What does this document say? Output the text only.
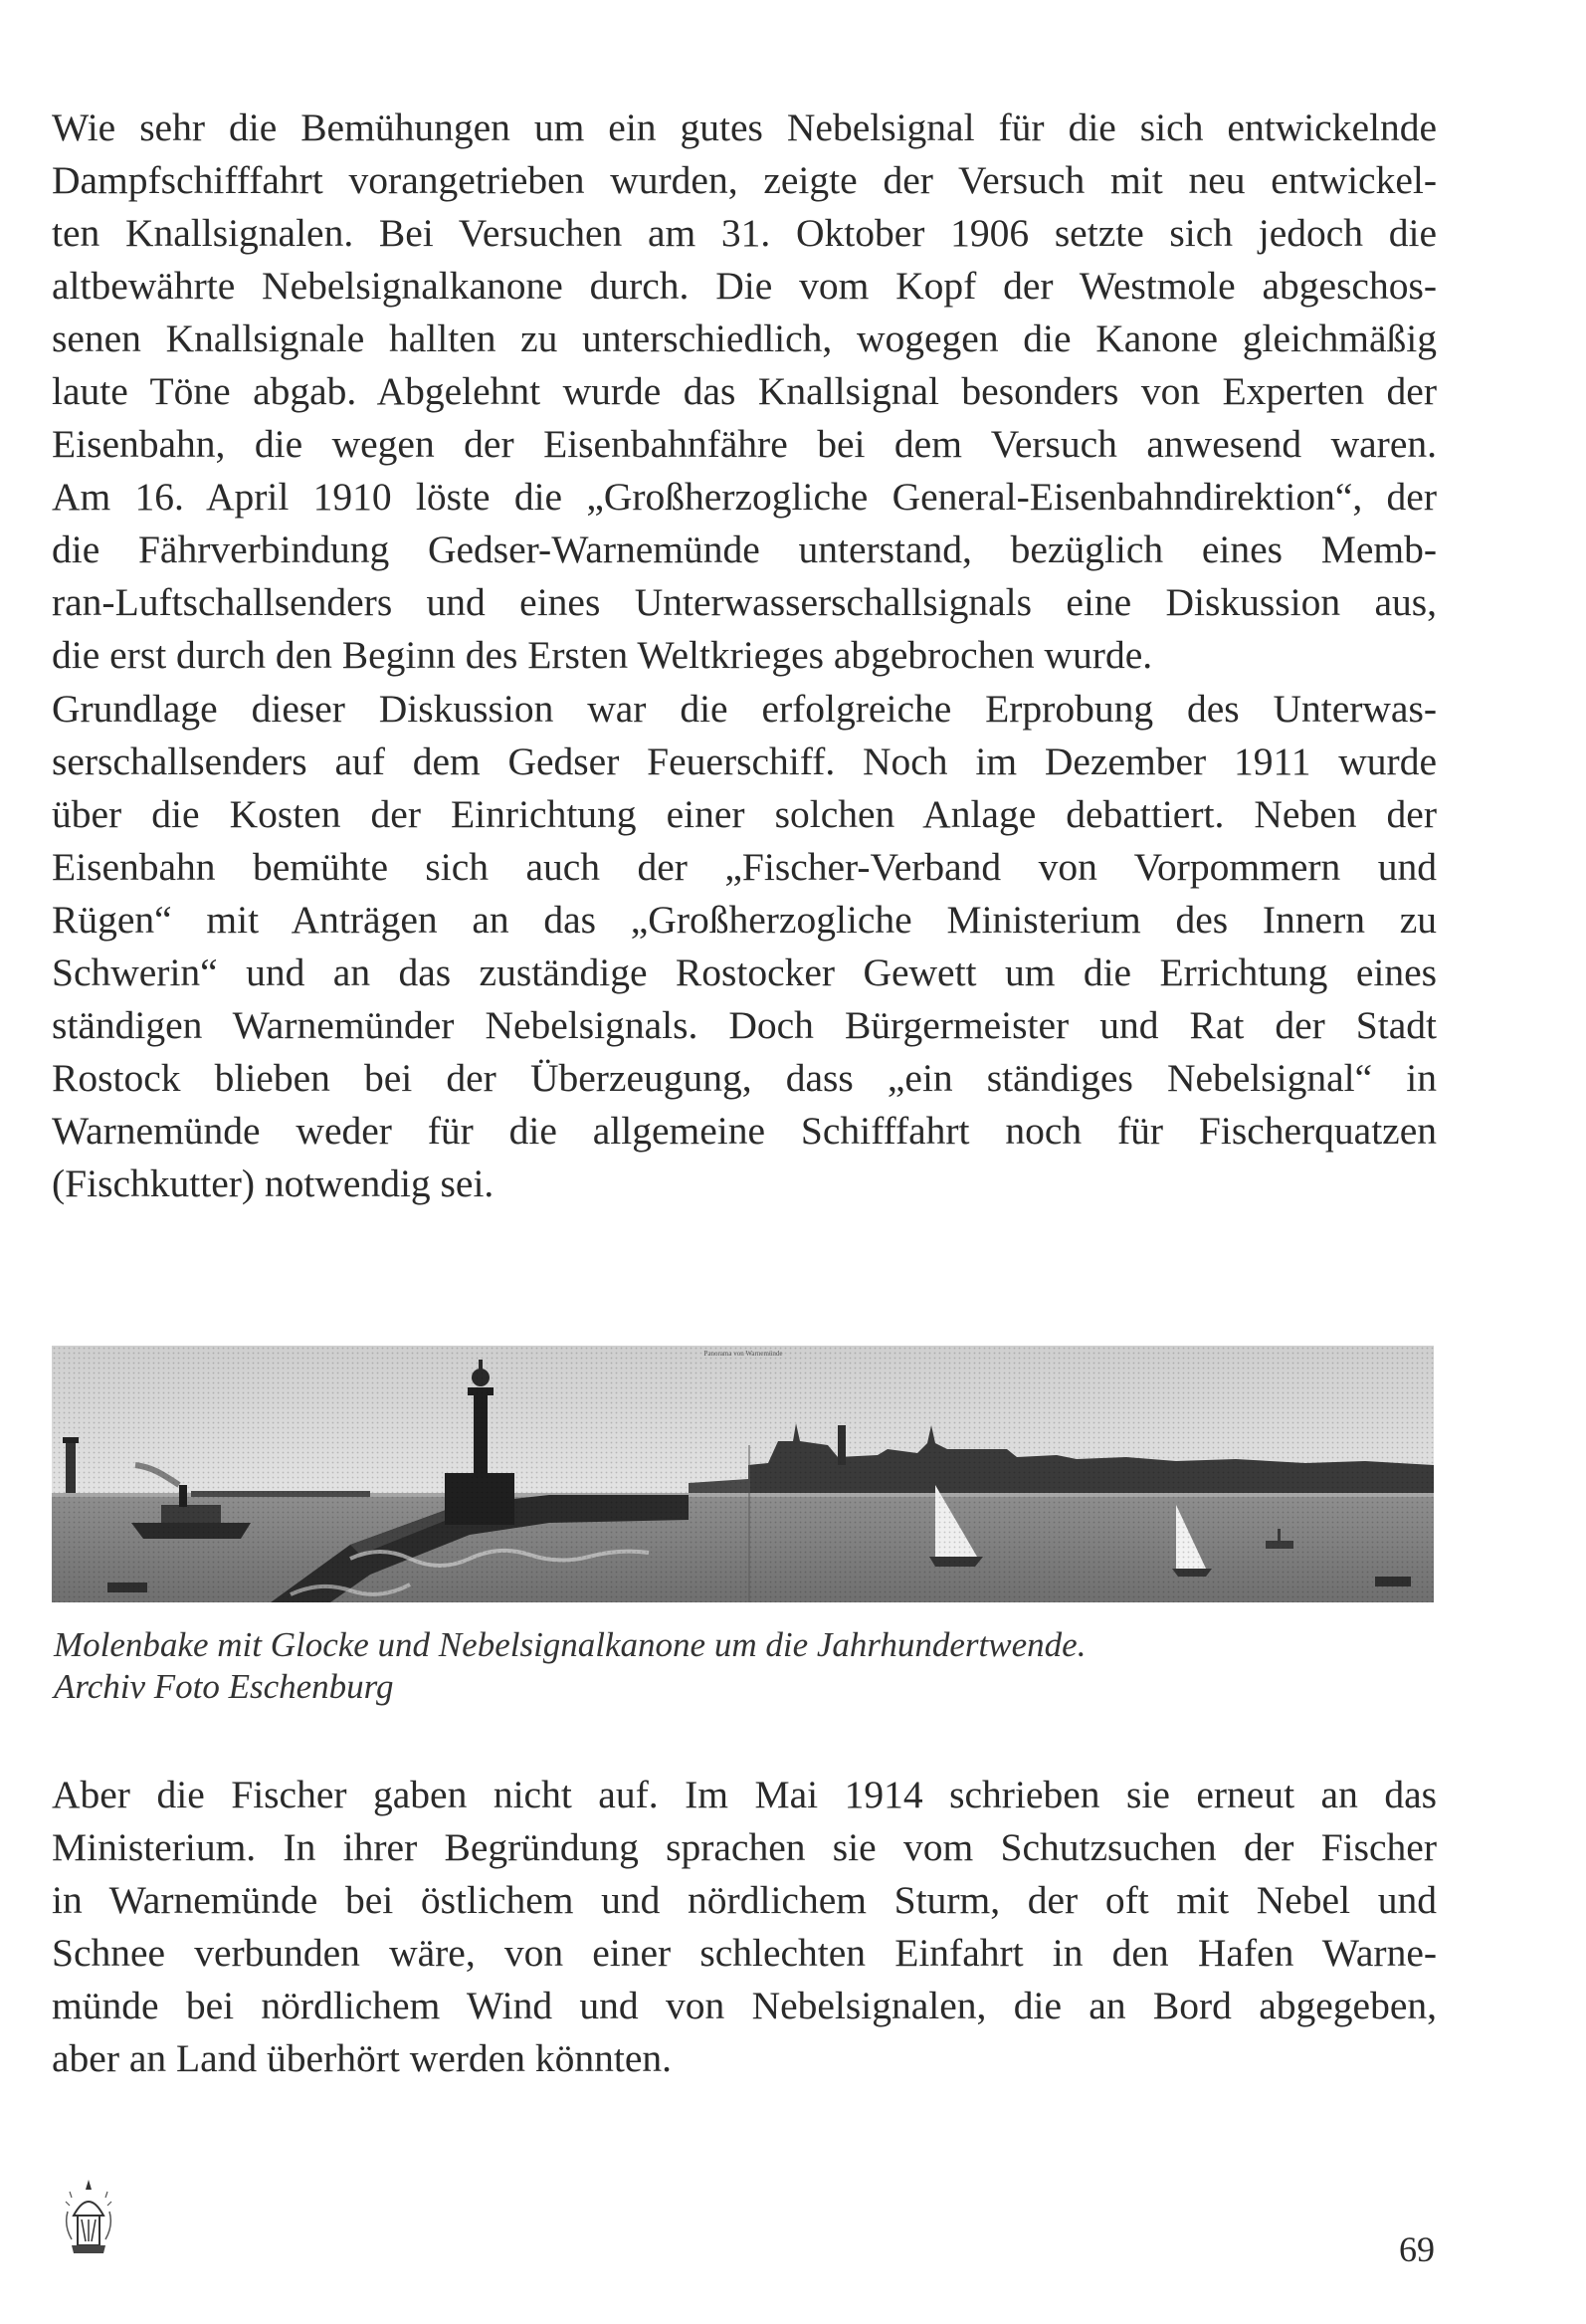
Wie sehr die Bemühungen um ein gutes Nebelsignal für die sich entwickelnde
Dampfschifffahrt vorangetrieben wurden, zeigte der Versuch mit neu entwickel-
ten Knallsignalen. Bei Versuchen am 31. Oktober 1906 setzte sich jedoch die
altbewährte Nebelsignalkanone durch. Die vom Kopf der Westmole abgeschos-
senen Knallsignale hallten zu unterschiedlich, wogegen die Kanone gleichmäßig
laute Töne abgab. Abgelehnt wurde das Knallsignal besonders von Experten der
Eisenbahn, die wegen der Eisenbahnfähre bei dem Versuch anwesend waren.
Am 16. April 1910 löste die „Großherzogliche General-Eisenbahndirektion“, der
die Fährverbindung Gedser-Warnemünde unterstand, bezüglich eines Memb-
ran-Luftschallsenders und eines Unterwasserschallsignals eine Diskussion aus,
die erst durch den Beginn des Ersten Weltkrieges abgebrochen wurde.
Grundlage dieser Diskussion war die erfolgreiche Erprobung des Unterwas-
serschallsenders auf dem Gedser Feuerschiff. Noch im Dezember 1911 wurde
über die Kosten der Einrichtung einer solchen Anlage debattiert. Neben der
Eisenbahn bemühte sich auch der „Fischer-Verband von Vorpommern und
Rügen“ mit Anträgen an das „Großherzogliche Ministerium des Innern zu
Schwerin“ und an das zuständige Rostocker Gewett um die Errichtung eines
ständigen Warnemünder Nebelsignals. Doch Bürgermeister und Rat der Stadt
Rostock blieben bei der Überzeugung, dass „ein ständiges Nebelsignal“ in
Warnemünde weder für die allgemeine Schifffahrt noch für Fischerquatzen
(Fischkutter) notwendig sei.
Molenbake mit Glocke und Nebelsignalkanone um die Jahrhundertwende.
Archiv Foto Eschenburg
Aber die Fischer gaben nicht auf. Im Mai 1914 schrieben sie erneut an das
Ministerium. In ihrer Begründung sprachen sie vom Schutzsuchen der Fischer
in Warnemünde bei östlichem und nördlichem Sturm, der oft mit Nebel und
Schnee verbunden wäre, von einer schlechten Einfahrt in den Hafen Warne-
münde bei nördlichem Wind und von Nebelsignalen, die an Bord abgegeben,
aber an Land überhört werden könnten.
69
